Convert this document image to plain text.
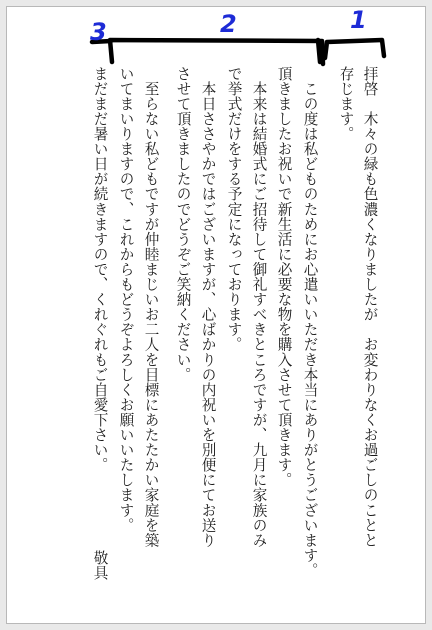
拝啓　木々の緑も色濃くなりましたが　お変わりなくお過ごしのことと
存じます。
　この度は私どものためにお心遣いいただき本当にありがとうございます。
頂きましたお祝いで新生活に必要な物を購入させて頂きます。
　本来は結婚式にご招待して御礼すべきところですが、九月に家族のみ
で挙式だけをする予定になっております。
　本日ささやかではございますが、心ばかりの内祝いを別便にてお送り
させて頂きましたのでどうぞご笑納ください。
　至らない私どもですが仲睦まじいお二人を目標にあたたかい家庭を築
いてまいりますので、これからもどうぞよろしくお願いいたします。
まだまだ暑い日が続きますので、くれぐれもご自愛下さい。
敬具
1
2
3
